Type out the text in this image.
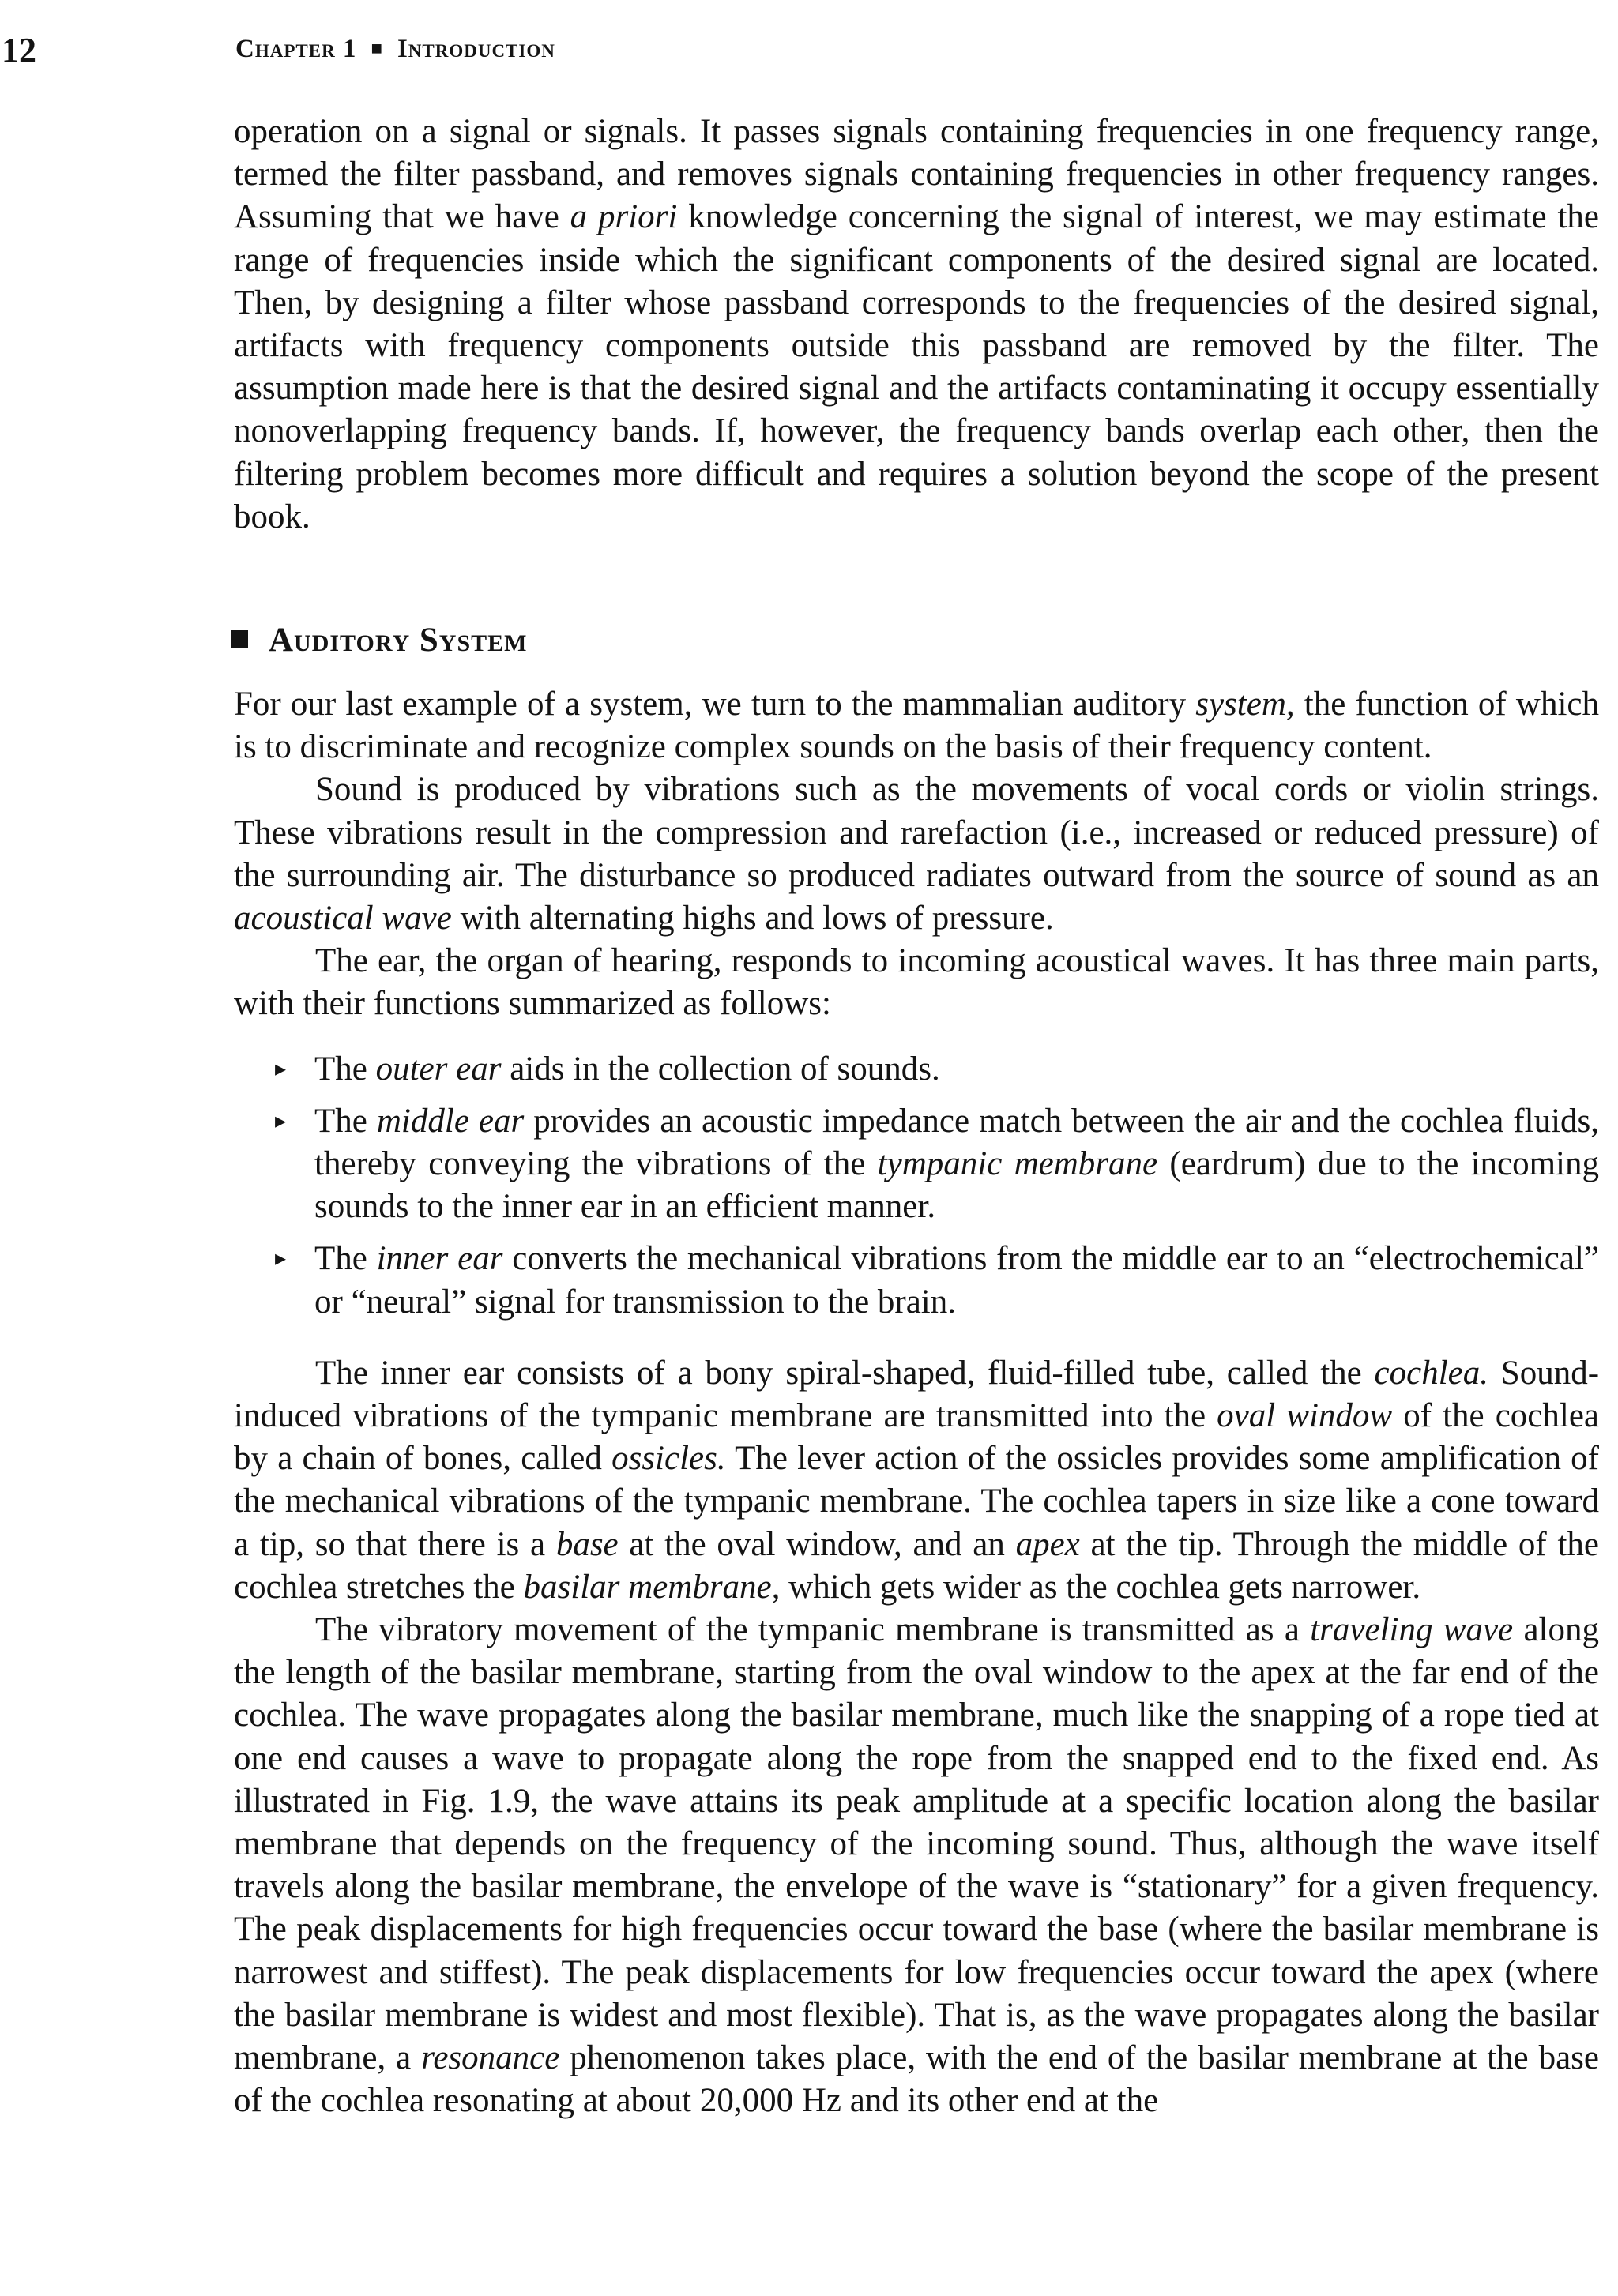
12	Chapter 1 ■ Introduction

operation on a signal or signals. It passes signals containing frequencies in one frequency range, termed the filter passband, and removes signals containing frequencies in other frequency ranges. Assuming that we have a priori knowledge concerning the signal of interest, we may estimate the range of frequencies inside which the significant components of the desired signal are located. Then, by designing a filter whose passband corresponds to the frequencies of the desired signal, artifacts with frequency components outside this passband are removed by the filter. The assumption made here is that the desired signal and the artifacts contaminating it occupy essentially nonoverlapping frequency bands. If, however, the frequency bands overlap each other, then the filtering problem becomes more difficult and requires a solution beyond the scope of the present book.

Auditory System

For our last example of a system, we turn to the mammalian auditory system, the function of which is to discriminate and recognize complex sounds on the basis of their frequency content.

Sound is produced by vibrations such as the movements of vocal cords or violin strings. These vibrations result in the compression and rarefaction (i.e., increased or reduced pressure) of the surrounding air. The disturbance so produced radiates outward from the source of sound as an acoustical wave with alternating highs and lows of pressure.

The ear, the organ of hearing, responds to incoming acoustical waves. It has three main parts, with their functions summarized as follows:

▸ The outer ear aids in the collection of sounds.
▸ The middle ear provides an acoustic impedance match between the air and the cochlea fluids, thereby conveying the vibrations of the tympanic membrane (eardrum) due to the incoming sounds to the inner ear in an efficient manner.
▸ The inner ear converts the mechanical vibrations from the middle ear to an “electrochemical” or “neural” signal for transmission to the brain.

The inner ear consists of a bony spiral-shaped, fluid-filled tube, called the cochlea. Sound-induced vibrations of the tympanic membrane are transmitted into the oval window of the cochlea by a chain of bones, called ossicles. The lever action of the ossicles provides some amplification of the mechanical vibrations of the tympanic membrane. The cochlea tapers in size like a cone toward a tip, so that there is a base at the oval window, and an apex at the tip. Through the middle of the cochlea stretches the basilar membrane, which gets wider as the cochlea gets narrower.

The vibratory movement of the tympanic membrane is transmitted as a traveling wave along the length of the basilar membrane, starting from the oval window to the apex at the far end of the cochlea. The wave propagates along the basilar membrane, much like the snapping of a rope tied at one end causes a wave to propagate along the rope from the snapped end to the fixed end. As illustrated in Fig. 1.9, the wave attains its peak amplitude at a specific location along the basilar membrane that depends on the frequency of the incoming sound. Thus, although the wave itself travels along the basilar membrane, the envelope of the wave is “stationary” for a given frequency. The peak displacements for high frequencies occur toward the base (where the basilar membrane is narrowest and stiffest). The peak displacements for low frequencies occur toward the apex (where the basilar membrane is widest and most flexible). That is, as the wave propagates along the basilar membrane, a resonance phenomenon takes place, with the end of the basilar membrane at the base of the cochlea resonating at about 20,000 Hz and its other end at the
